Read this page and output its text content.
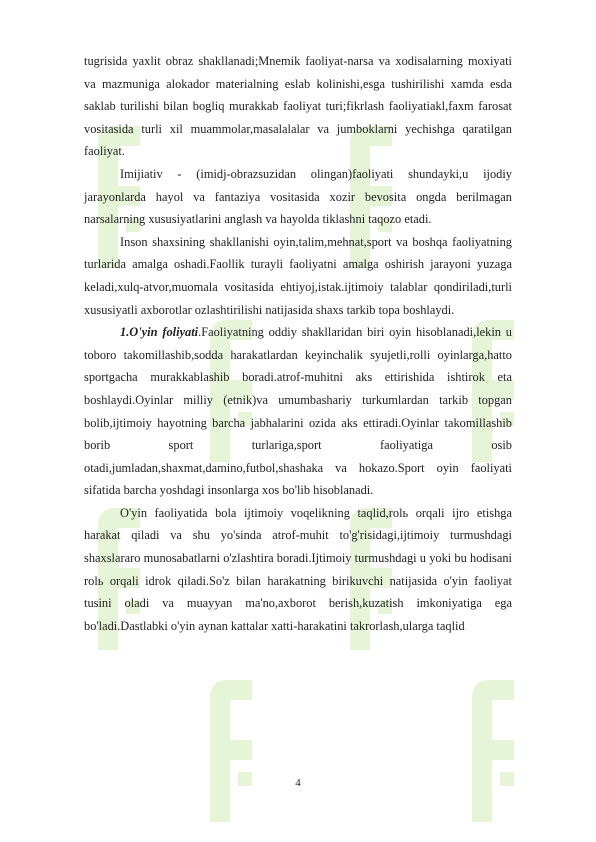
tugrisida yaxlit obraz shakllanadi;Mnemik faoliyat-narsa va xodisalarning moxiyati va mazmuniga alokador materialning eslab kolinishi,esga tushirilishi xamda esda saklab turilishi bilan bogliq murakkab faoliyat turi;fikrlash faoliyatiakl,faxm farosat vositasida turli xil muammolar,masalalalar va jumboklarni yechishga qaratilgan faoliyat.

Imijiativ - (imidj-obrazsuzidan olingan)faoliyati shundayki,u ijodiy jarayonlarda hayol va fantaziya vositasida xozir bevosita ongda berilmagan narsalarning xususiyatlarini anglash va hayolda tiklashni taqozo etadi.

Inson shaxsining shakllanishi oyin,talim,mehnat,sport va boshqa faoliyatning turlarida amalga oshadi.Faollik turayli faoliyatni amalga oshirish jarayoni yuzaga keladi,xulq-atvor,muomala vositasida ehtiyoj,istak.ijtimoiy talablar qondiriladi,turli xususiyatli axborotlar ozlashtirilishi natijasida shaxs tarkib topa boshlaydi.

1.O'yin foliyati.Faoliyatning oddiy shakllaridan biri oyin hisoblanadi,lekin u toboro takomillashib,sodda harakatlardan keyinchalik syujetli,rolli oyinlarga,hatto sportgacha murakkablashib boradi.atrof-muhitni aks ettirishida ishtirok eta boshlaydi.Oyinlar milliy (etnik)va umumbashariy turkumlardan tarkib topgan bolib,ijtimoiy hayotning barcha jabhalarini ozida aks ettiradi.Oyinlar takomillashib borib sport turlariga,sport faoliyatiga osib otadi,jumladan,shaxmat,damino,futbol,shashaka va hokazo.Sport oyin faoliyati sifatida barcha yoshdagi insonlarga xos bo'lib hisoblanadi.

O'yin faoliyatida bola ijtimoiy voqelikning taqlid,rolь orqali ijro etishga harakat qiladi va shu yo'sinda atrof-muhit to'g'risidagi,ijtimoiy turmushdagi shaxslararo munosabatlarni o'zlashtira boradi.Ijtimoiy turmushdagi u yoki bu hodisani rolь orqali idrok qiladi.So'z bilan harakatning birikuvchi natijasida o'yin faoliyat tusini oladi va muayyan ma'no,axborot berish,kuzatish imkoniyatiga ega bo'ladi.Dastlabki o'yin aynan kattalar xatti-harakatini takrorlash,ularga taqlid

4
